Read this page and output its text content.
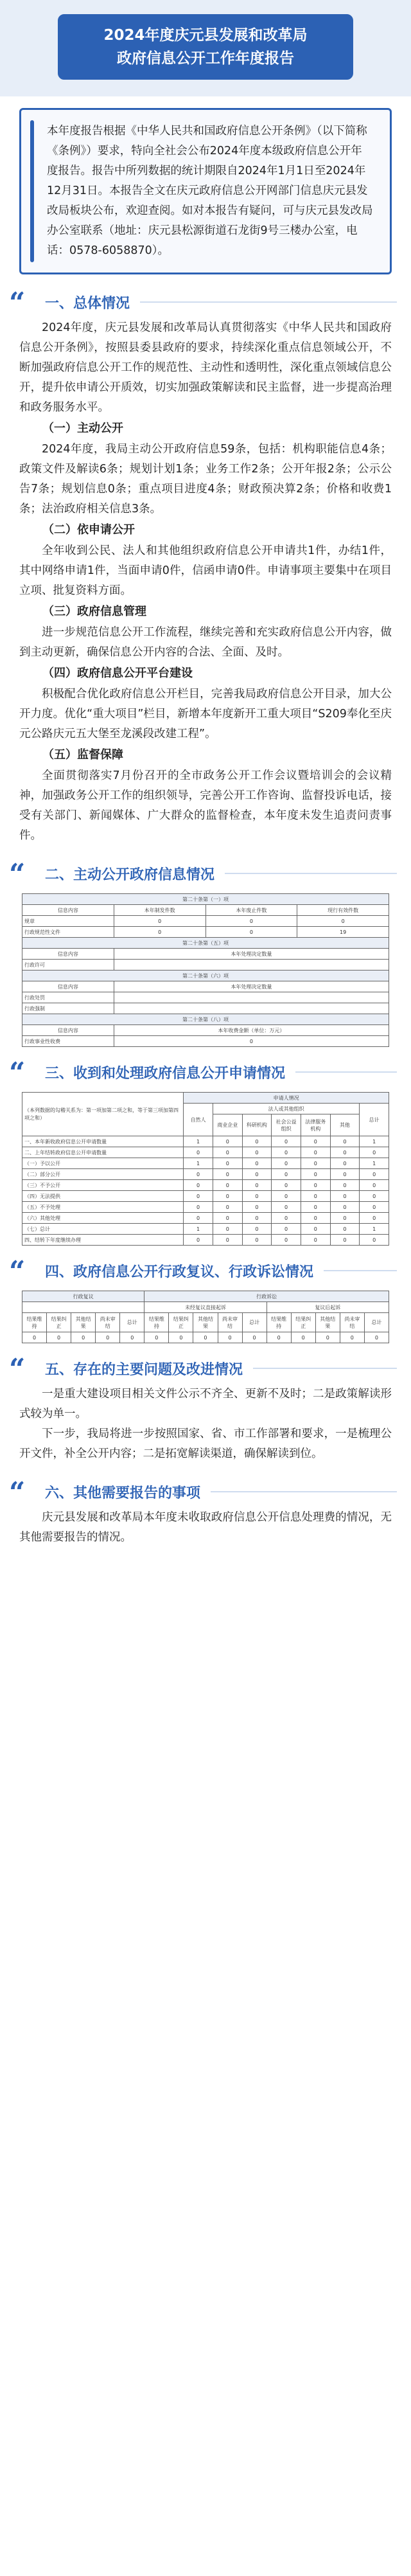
2024年度庆元县发展和改革局
政府信息公开工作年度报告

本年度报告根据《中华人民共和国政府信息公开条例》（以下简称《条例》）要求，特向全社会公布2024年度本级政府信息公开年度报告。报告中所列数据的统计期限自2024年1月1日至2024年12月31日。本报告全文在庆元政府信息公开网部门信息庆元县发改局板块公布，欢迎查阅。如对本报告有疑问，可与庆元县发改局办公室联系（地址：庆元县松源街道石龙街9号三楼办公室，电话：0578-6058870）。

“	一、总体情况

2024年度，庆元县发展和改革局认真贯彻落实《中华人民共和国政府信息公开条例》，按照县委县政府的要求，持续深化重点信息领域公开，不断加强政府信息公开工作的规范性、主动性和透明性，深化重点领域信息公开，提升依申请公开质效，切实加强政策解读和民主监督，进一步提高治理和政务服务水平。

（一）主动公开

2024年度，我局主动公开政府信息59条，包括：机构职能信息4条；政策文件及解读6条；规划计划1条；业务工作2条；公开年报2条；公示公告7条；规划信息0条；重点项目进度4条；财政预决算2条；价格和收费1条；法治政府相关信息3条。

（二）依申请公开

全年收到公民、法人和其他组织政府信息公开申请共1件，办结1件，其中网络申请1件，当面申请0件，信函申请0件。申请事项主要集中在项目立项、批复资料方面。

（三）政府信息管理

进一步规范信息公开工作流程，继续完善和充实政府信息公开内容，做到主动更新，确保信息公开内容的合法、全面、及时。

（四）政府信息公开平台建设

积极配合优化政府信息公开栏目，完善我局政府信息公开目录，加大公开力度。优化“重大项目”栏目，新增本年度新开工重大项目“S209奉化至庆元公路庆元五大堡至龙溪段改建工程”。

（五）监督保障

全面贯彻落实7月份召开的全市政务公开工作会议暨培训会的会议精神，加强政务公开工作的组织领导，完善公开工作咨询、监督投诉电话，接受有关部门、新闻媒体、广大群众的监督检查，本年度未发生追责问责事件。

“	二、主动公开政府信息情况
第二十条第（一）项			
信息内容	本年制发件数	本年废止件数	现行有效件数
规章	0	0	0
行政规范性文件	0	0	19
第二十条第（五）项			
信息内容	本年处理决定数量		
行政许可			
第二十条第（六）项			
信息内容	本年处理决定数量		
行政处罚			
行政强制			
第二十条第（八）项			
信息内容	本年收费金额（单位：万元）		
行政事业性收费	0		
“	三、收到和处理政府信息公开申请情况
（本列数据的勾稽关系为：第一项加第二项之和，等于第三项加第四项之和）	申请人情况						
	自然人	法人或其他组织					总计
		商业企业	科研机构	社会公益组织	法律服务机构	其他	
一、本年新收政府信息公开申请数量	1	0	0	0	0	0	1
二、上年结转政府信息公开申请数量	0	0	0	0	0	0	0
（一）予以公开	1	0	0	0	0	0	1
（二）部分公开	0	0	0	0	0	0	0
（三）不予公开	0	0	0	0	0	0	0
（四）无法提供	0	0	0	0	0	0	0
（五）不予处理	0	0	0	0	0	0	0
（六）其他处理	0	0	0	0	0	0	0
（七）总计	1	0	0	0	0	0	1
四、结转下年度继续办理	0	0	0	0	0	0	0
“	四、政府信息公开行政复议、行政诉讼情况
行政复议					行政诉讼									
					未经复议直接起诉					复议后起诉				
结果维持	结果纠正	其他结果	尚未审结	总计	结果维持	结果纠正	其他结果	尚未审结	总计	结果维持	结果纠正	其他结果	尚未审结	总计
0	0	0	0	0	0	0	0	0	0	0	0	0	0	0
“	五、存在的主要问题及改进情况

一是重大建设项目相关文件公示不齐全、更新不及时；二是政策解读形式较为单一。

下一步，我局将进一步按照国家、省、市工作部署和要求，一是梳理公开文件，补全公开内容；二是拓宽解读渠道，确保解读到位。

“	六、其他需要报告的事项

庆元县发展和改革局本年度未收取政府信息公开信息处理费的情况，无其他需要报告的情况。
